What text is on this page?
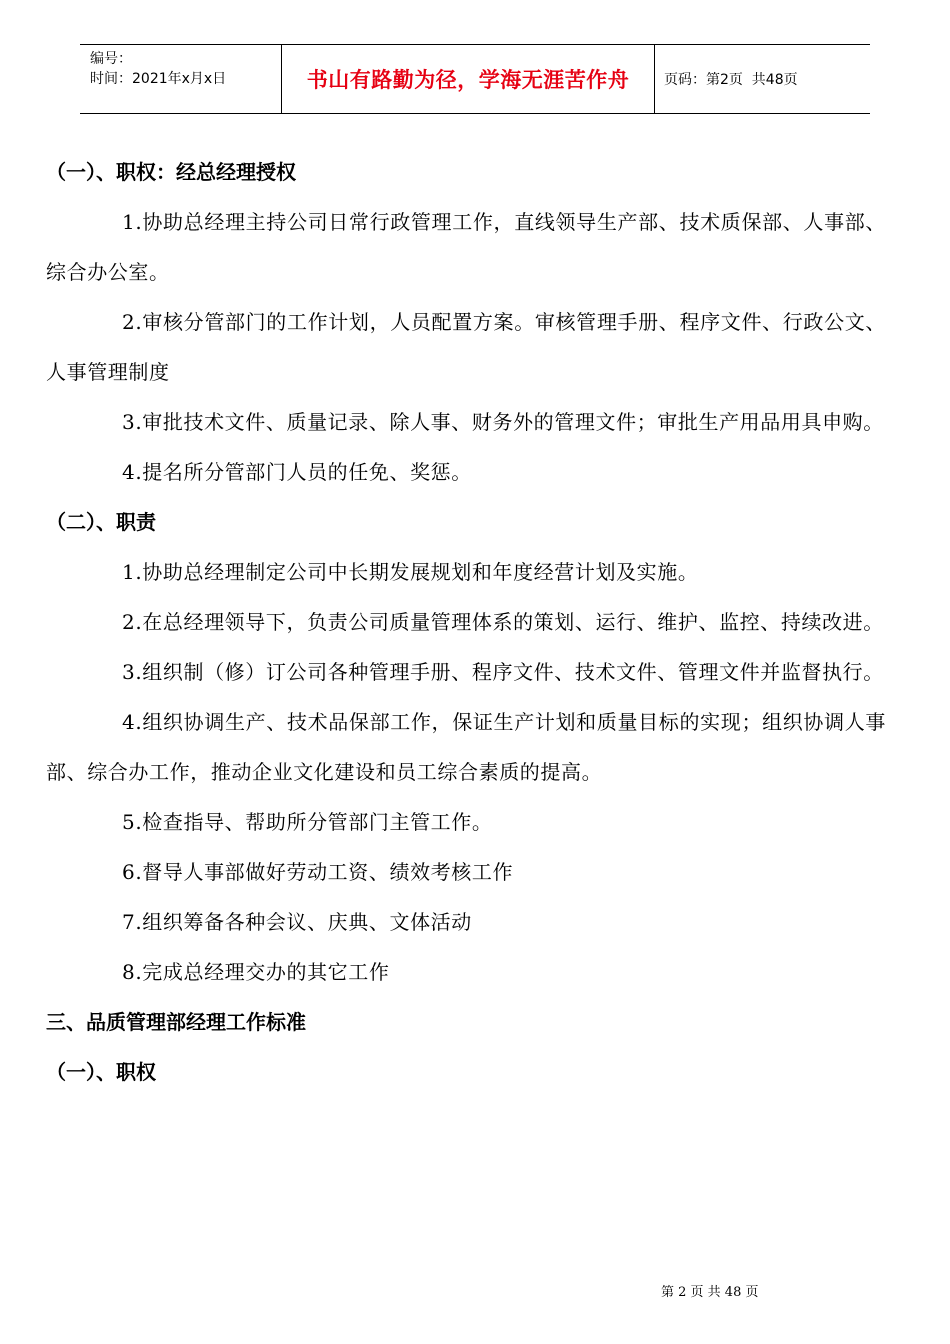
编号：
时间：2021年x月x日	书山有路勤为径，学海无涯苦作舟 页码：第2页  共48页
（一）、职权：经总经理授权
1.协助总经理主持公司日常行政管理工作，直线领导生产部、技术质保部、人事部、综合办公室。
2.审核分管部门的工作计划，人员配置方案。审核管理手册、程序文件、行政公文、人事管理制度
3.审批技术文件、质量记录、除人事、财务外的管理文件；审批生产用品用具申购。
4.提名所分管部门人员的任免、奖惩。
（二）、职责
1.协助总经理制定公司中长期发展规划和年度经营计划及实施。
2.在总经理领导下，负责公司质量管理体系的策划、运行、维护、监控、持续改进。
3.组织制（修）订公司各种管理手册、程序文件、技术文件、管理文件并监督执行。
4.组织协调生产、技术品保部工作，保证生产计划和质量目标的实现；组织协调人事部、综合办工作，推动企业文化建设和员工综合素质的提高。
5.检查指导、帮助所分管部门主管工作。
6.督导人事部做好劳动工资、绩效考核工作
7.组织筹备各种会议、庆典、文体活动
8.完成总经理交办的其它工作
三、品质管理部经理工作标准
（一）、职权
第 2 页 共 48 页
